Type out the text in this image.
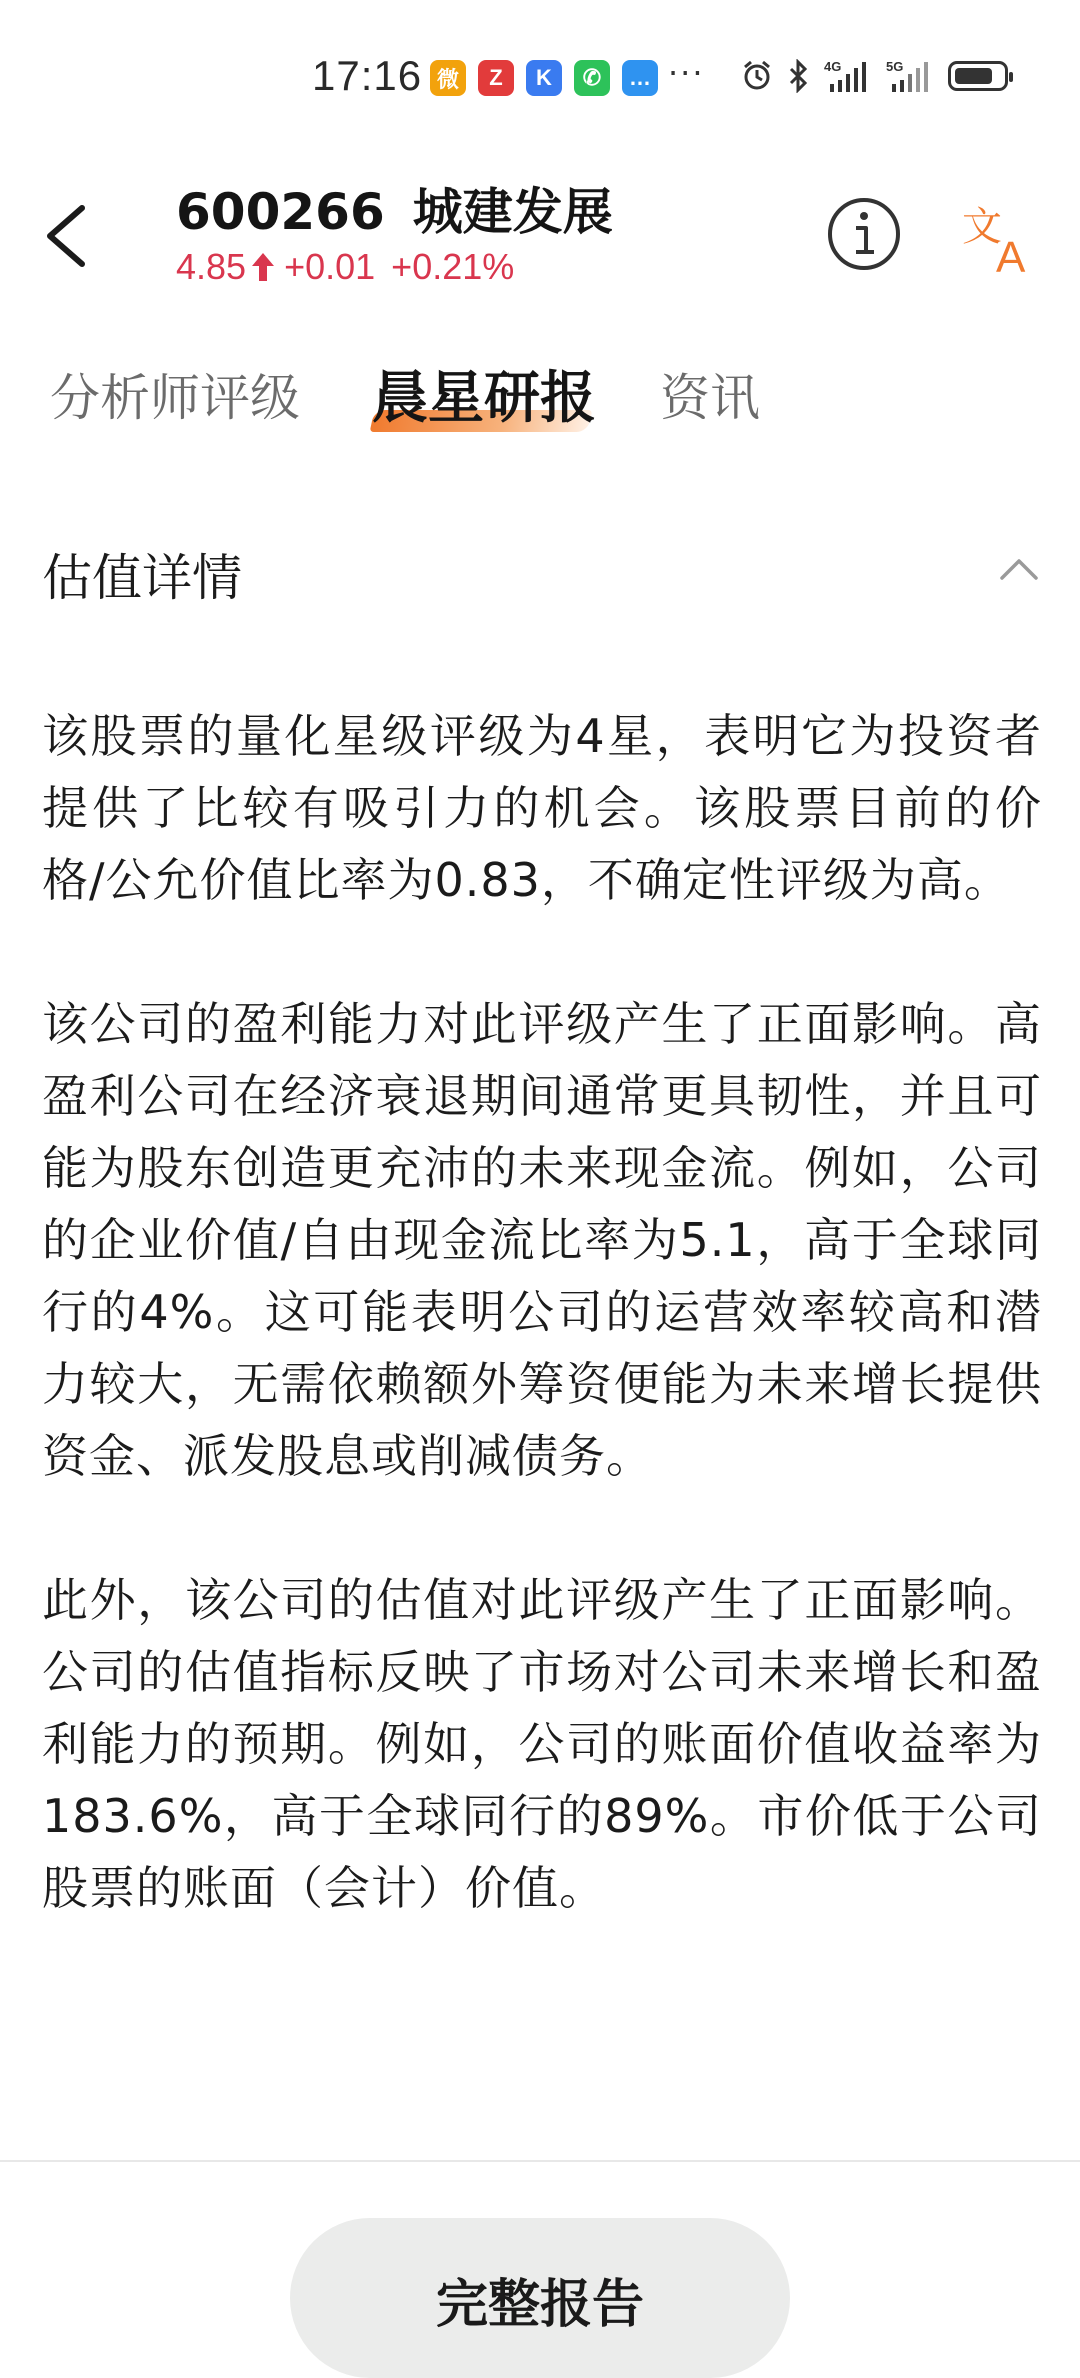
17:16 微	Z	K	✆	… ···	4G	5G
600266 城建发展
4.85 +0.01 +0.21%
文
A
分析师评级 晨星研报 资讯
估值详情

该股票的量化星级评级为4星，表明它为投资者提供了比较有吸引力的机会。该股票目前的价格/公允价值比率为0.83，不确定性评级为高。

该公司的盈利能力对此评级产生了正面影响。高盈利公司在经济衰退期间通常更具韧性，并且可能为股东创造更充沛的未来现金流。例如，公司的企业价值/自由现金流比率为5.1，高于全球同行的4%。这可能表明公司的运营效率较高和潜力较大，无需依赖额外筹资便能为未来增长提供资金、派发股息或削减债务。

此外，该公司的估值对此评级产生了正面影响。公司的估值指标反映了市场对公司未来增长和盈利能力的预期。例如，公司的账面价值收益率为183.6%，高于全球同行的89%。市价低于公司股票的账面（会计）价值。

完整报告
